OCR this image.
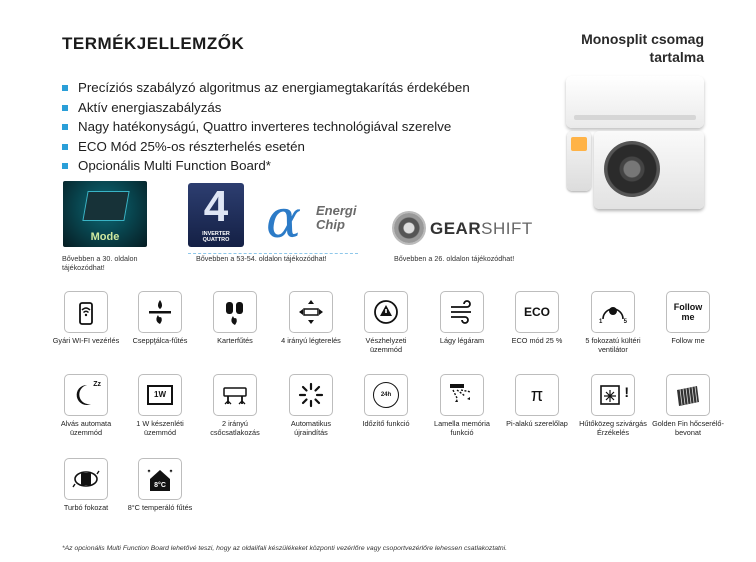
TERMÉKJELLEMZŐK	Monosplit csomag tartalma
Precíziós szabályzó algoritmus az energiamegtakarítás érdekében
Aktív energiaszabályzás
Nagy hatékonyságú, Quattro inverteres technológiával szerelve
ECO Mód 25%-os részterhelés esetén
Opcionális Multi Function Board*
Mode
4
INVERTER QUATTRO α Energi Chip	GEARSHIFT
Bővebben a 30. oldalon tájékozódhat!
Bővebben a 53-54. oldalon tájékozódhat!	Bővebben a 26. oldalon tájékozódhat!
Gyári WI-FI vezérlés	Cseppţálca-fűtés	Karterfűtés	4 irányú légterelés	Vészhelyzeti üzemmód
Lágy légáram
ECO
ECO mód 25 %
1	5
5 fokozatú kültéri ventilátor
Follow me
Follow me
Zz
Alvás automata üzemmód
1W
1 W készenléti üzemmód
2 irányú csőcsatlakozás
Automatikus újraindítás
24h
Időzítő funkció	Lamella memória funkció
π
Pi-alakú szerelőlap
!
Hűtőközeg szivárgás Érzékelés
Golden Fin hőcserélő-bevonat
Turbó fokozat
8°C
8°C temperáló fűtés
*Az opcionális Multi Function Board lehetővé teszi, hogy az oldalifali készülékeket központi vezérlőre vagy csoportvezérlőre lehessen csatlakoztatni.
